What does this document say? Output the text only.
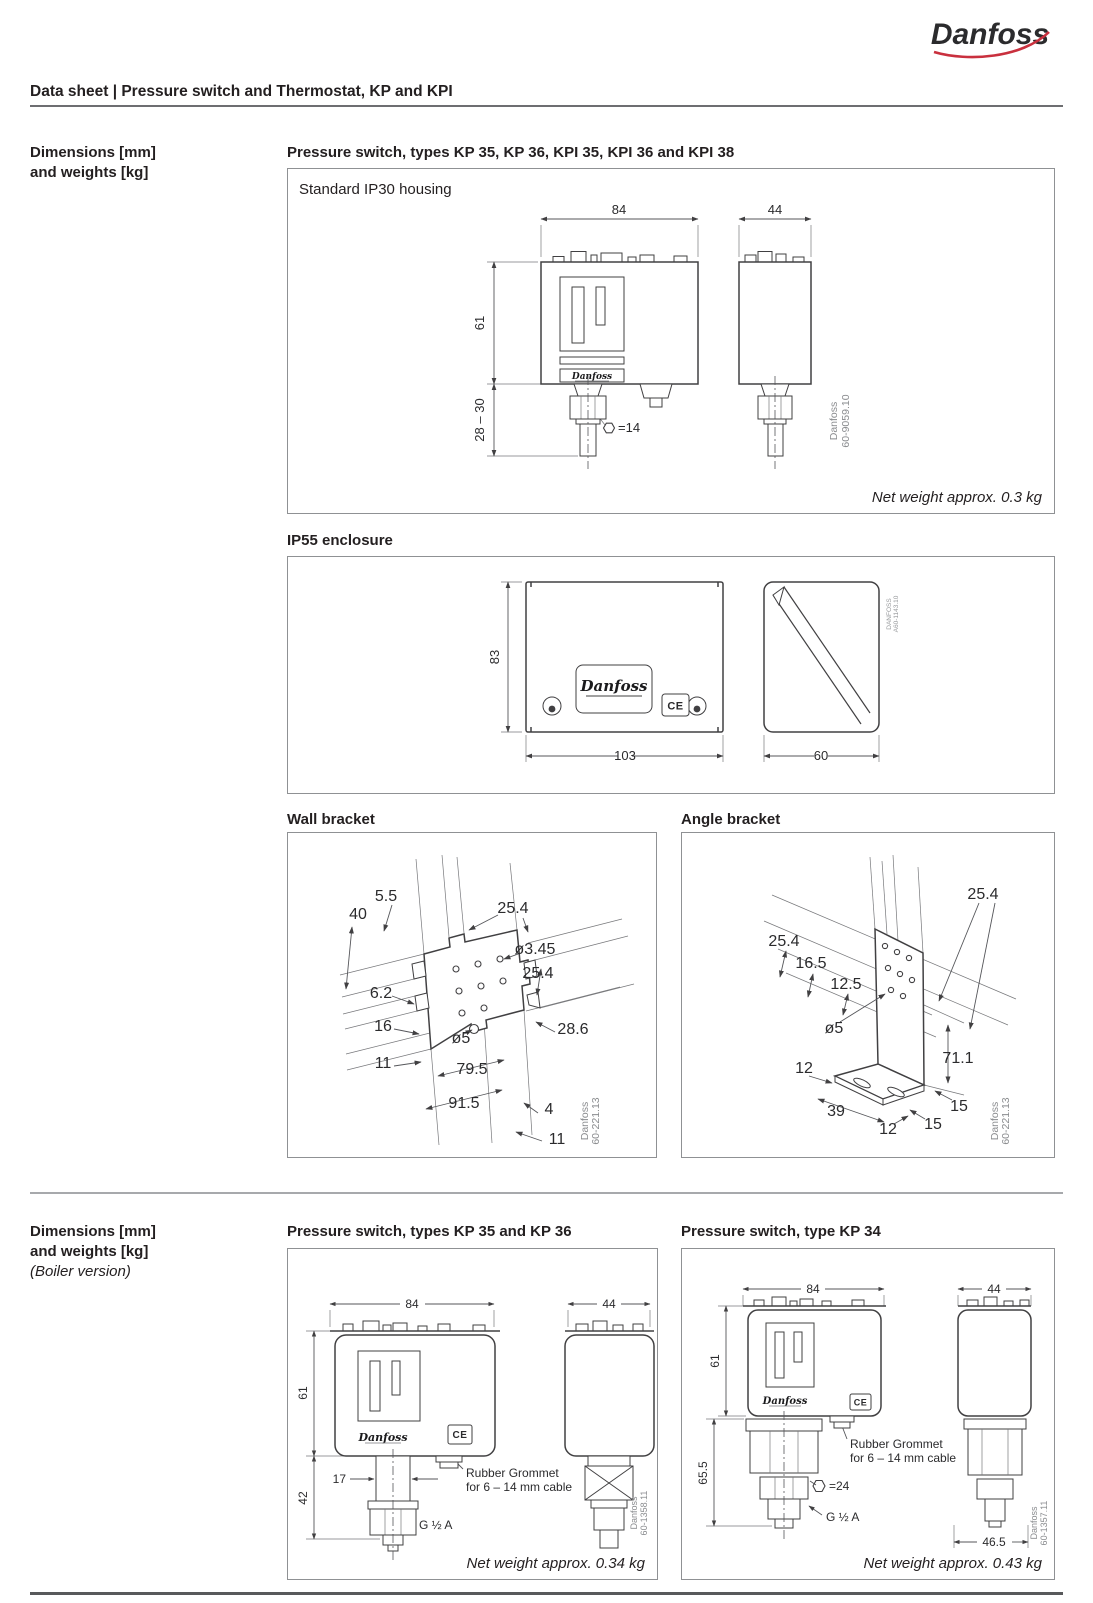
Danfoss
Data sheet | Pressure switch and Thermostat, KP and KPI
Dimensions [mm]
and weights [kg]
Pressure switch, types KP 35, KP 36, KPI 35, KPI 36 and KPI 38
Standard IP30 housing
84	44
61
28 – 30
Danfoss
=14	Danfoss 60-9059.10
Net weight approx. 0.3 kg
IP55 enclosure
Danfoss
CE
83
103	60
DANFOSS A60-1143.10
Wall bracket
5.5
40	25.4
ø3.45
25.4
6.2
16
ø5
28.6
11	79.5
91.5	4
11 Danfoss 60-221.13
Angle bracket
25.4
25.4
16.5
12.5
ø5
12
39
12 15
15
71.1
Danfoss 60-221.13
Dimensions [mm]
and weights [kg]
(Boiler version)
Pressure switch, types KP 35 and KP 36	Pressure switch, type KP 34
Danfoss	CE
84	44
61
42
17	Rubber Grommet
for 6 – 14 mm cable
G ½ A	Danfoss 60-1358.11
Net weight approx. 0.34 kg
Danfoss	CE
84	44
61
65.5
Rubber Grommet
for 6 – 14 mm cable
=24
G ½ A
46.5
Danfoss 60-1357.11
Net weight approx. 0.43 kg
